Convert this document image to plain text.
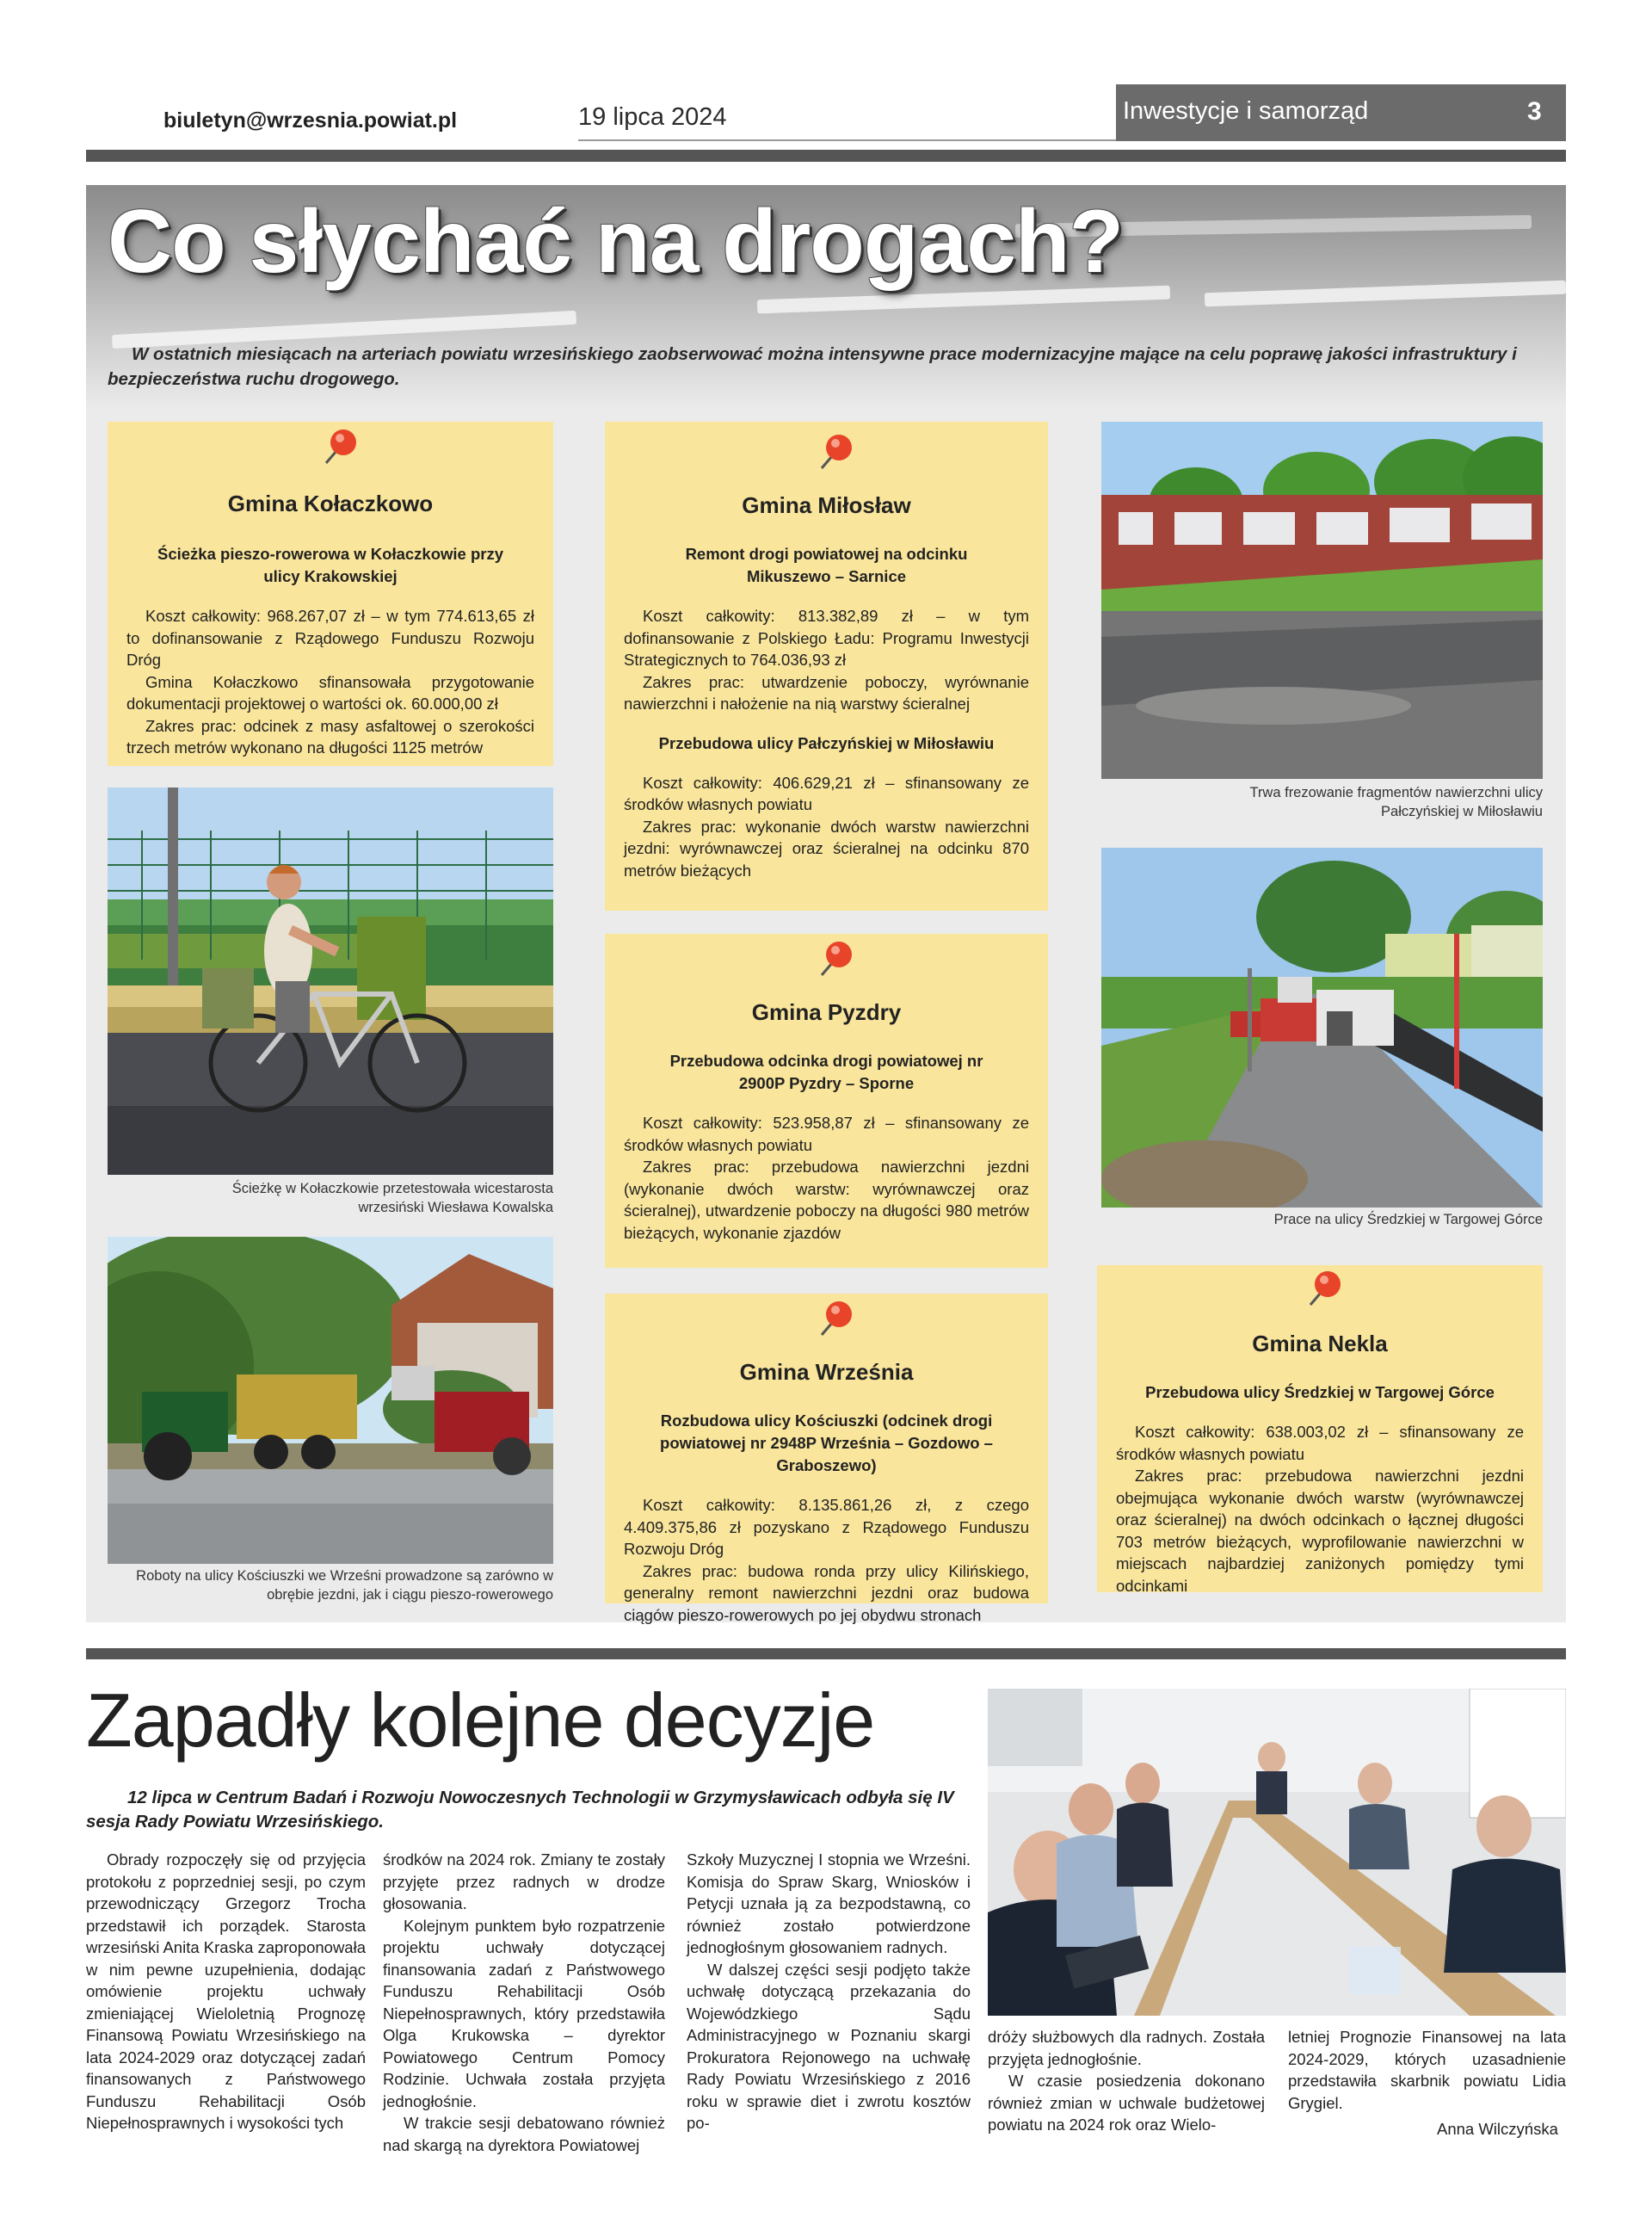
biuletyn@wrzesnia.powiat.pl	19 lipca 2024	Inwestycje i samorząd	3
Co słychać na drogach?
W ostatnich miesiącach na arteriach powiatu wrzesińskiego zaobserwować można intensywne prace modernizacyjne mające na celu poprawę jakości infrastruktury i bezpieczeństwa ruchu drogowego.
Gmina Kołaczkowo
Ścieżka pieszo-rowerowa w Kołaczkowie przy ulicy Krakowskiej

Koszt całkowity: 968.267,07 zł – w tym 774.613,65 zł to dofinansowanie z Rządowego Funduszu Rozwoju Dróg

Gmina Kołaczkowo sfinansowała przygotowanie dokumentacji projektowej o wartości ok. 60.000,00 zł

Zakres prac: odcinek z masy asfaltowej o szerokości trzech metrów wykonano na długości 1125 metrów

Ścieżkę w Kołaczkowie przetestowała wicestarosta wrzesiński Wiesława Kowalska
Roboty na ulicy Kościuszki we Wrześni prowadzone są zarówno w obrębie jezdni, jak i ciągu pieszo-rowerowego
Gmina Miłosław
Remont drogi powiatowej na odcinku Mikuszewo – Sarnice

Koszt całkowity: 813.382,89 zł – w tym dofinansowanie z Polskiego Ładu: Programu Inwestycji Strategicznych to 764.036,93 zł

Zakres prac: utwardzenie poboczy, wyrównanie nawierzchni i nałożenie na nią warstwy ścieralnej

Przebudowa ulicy Pałczyńskiej w Miłosławiu

Koszt całkowity: 406.629,21 zł – sfinansowany ze środków własnych powiatu

Zakres prac: wykonanie dwóch warstw nawierzchni jezdni: wyrównawczej oraz ścieralnej na odcinku 870 metrów bieżących

Gmina Pyzdry
Przebudowa odcinka drogi powiatowej nr 2900P Pyzdry – Sporne

Koszt całkowity: 523.958,87 zł – sfinansowany ze środków własnych powiatu

Zakres prac: przebudowa nawierzchni jezdni (wykonanie dwóch warstw: wyrównawczej oraz ścieralnej), utwardzenie poboczy na długości 980 metrów bieżących, wykonanie zjazdów

Gmina Września
Rozbudowa ulicy Kościuszki (odcinek drogi powiatowej nr 2948P Września – Gozdowo – Graboszewo)

Koszt całkowity: 8.135.861,26 zł, z czego 4.409.375,86 zł pozyskano z Rządowego Funduszu Rozwoju Dróg

Zakres prac: budowa ronda przy ulicy Kilińskiego, generalny remont nawierzchni jezdni oraz budowa ciągów pieszo-rowerowych po jej obydwu stronach

Trwa frezowanie fragmentów nawierzchni ulicy Pałczyńskiej w Miłosławiu
Prace na ulicy Średzkiej w Targowej Górce
Gmina Nekla
Przebudowa ulicy Średzkiej w Targowej Górce

Koszt całkowity: 638.003,02 zł – sfinansowany ze środków własnych powiatu

Zakres prac: przebudowa nawierzchni jezdni obejmująca wykonanie dwóch warstw (wyrównawczej oraz ścieralnej) na dwóch odcinkach o łącznej długości 703 metrów bieżących, wyprofilowanie nawierzchni w miejscach najbardziej zaniżonych pomiędzy tymi odcinkami

Zapadły kolejne decyzje
12 lipca w Centrum Badań i Rozwoju Nowoczesnych Technologii w Grzymysławicach odbyła się IV sesja Rady Powiatu Wrzesińskiego.

Obrady rozpoczęły się od przyjęcia protokołu z poprzedniej sesji, po czym przewodniczący Grzegorz Trocha przedstawił ich porządek. Starosta wrzesiński Anita Kraska zaproponowała w nim pewne uzupełnienia, dodając omówienie projektu uchwały zmieniającej Wieloletnią Prognozę Finansową Powiatu Wrzesińskiego na lata 2024-2029 oraz dotyczącej zadań finansowanych z Państwowego Funduszu Rehabilitacji Osób Niepełnosprawnych i wysokości tych

środków na 2024 rok. Zmiany te zostały przyjęte przez radnych w drodze głosowania.

Kolejnym punktem było rozpatrzenie projektu uchwały dotyczącej finansowania zadań z Państwowego Funduszu Rehabilitacji Osób Niepełnosprawnych, który przedstawiła Olga Krukowska – dyrektor Powiatowego Centrum Pomocy Rodzinie. Uchwała została przyjęta jednogłośnie.

W trakcie sesji debatowano również nad skargą na dyrektora Powiatowej

Szkoły Muzycznej I stopnia we Wrześni. Komisja do Spraw Skarg, Wniosków i Petycji uznała ją za bezpodstawną, co również zostało potwierdzone jednogłośnym głosowaniem radnych.

W dalszej części sesji podjęto także uchwałę dotyczącą przekazania do Wojewódzkiego Sądu Administracyjnego w Poznaniu skargi Prokuratora Rejonowego na uchwałę Rady Powiatu Wrzesińskiego z 2016 roku w sprawie diet i zwrotu kosztów po-

dróży służbowych dla radnych. Została przyjęta jednogłośnie.

W czasie posiedzenia dokonano również zmian w uchwale budżetowej powiatu na 2024 rok oraz Wielo-

letniej Prognozie Finansowej na lata 2024-2029, których uzasadnienie przedstawiła skarbnik powiatu Lidia Grygiel.

Anna Wilczyńska
